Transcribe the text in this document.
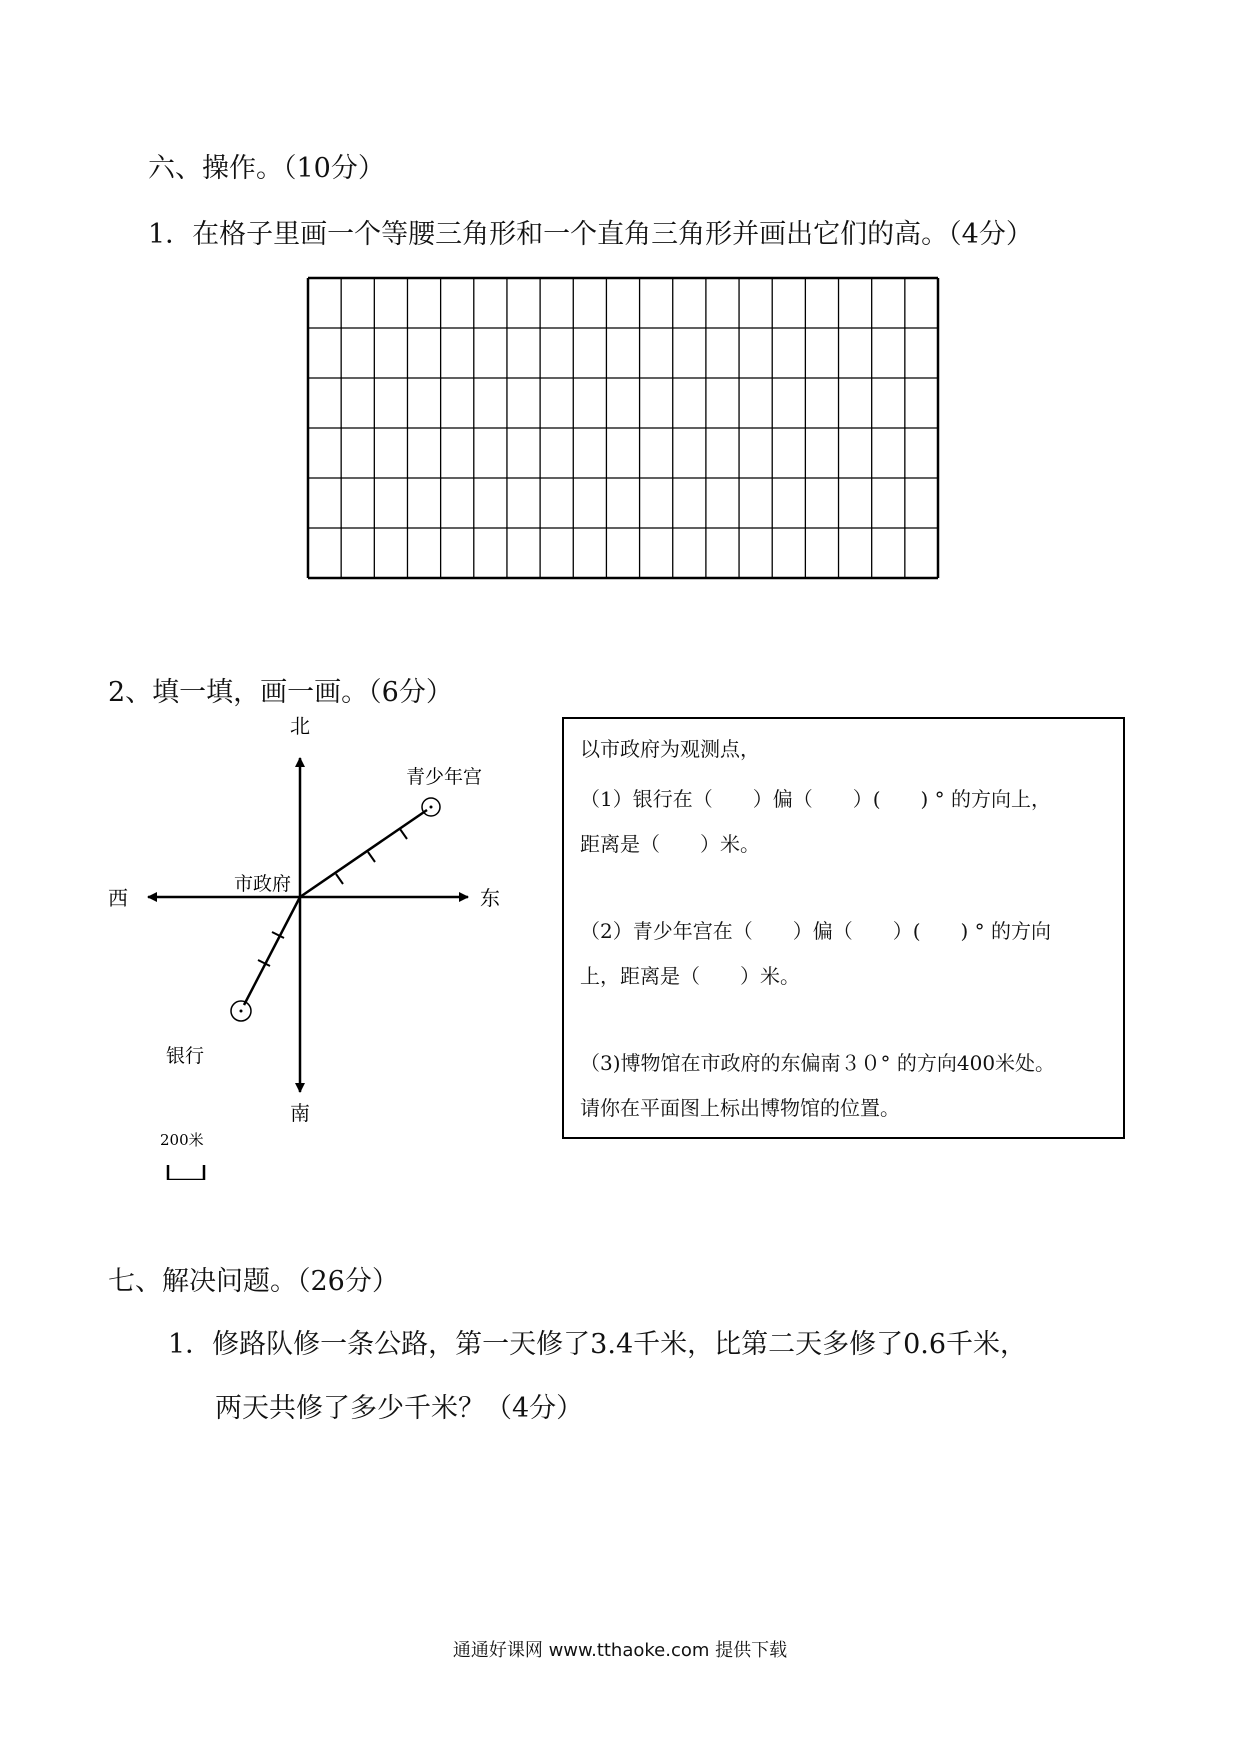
六、操作。（10分）
1．在格子里画一个等腰三角形和一个直角三角形并画出它们的高。（4分）
2、填一填，画一画。（6分）
北
南
东
西
市政府
青少年宫
银行
200米
以市政府为观测点，
（1）银行在（　　）偏（　　）(　　) ° 的方向上，
距离是（　　）米。
（2）青少年宫在（　　）偏（　　）(　　) ° 的方向
上，距离是（　　）米。
（3)博物馆在市政府的东偏南３０° 的方向400米处。
请你在平面图上标出博物馆的位置。
七、解决问题。（26分）
1．修路队修一条公路，第一天修了3.4千米，比第二天多修了0.6千米，
两天共修了多少千米？（4分）
通通好课网 www.tthaoke.com 提供下载
